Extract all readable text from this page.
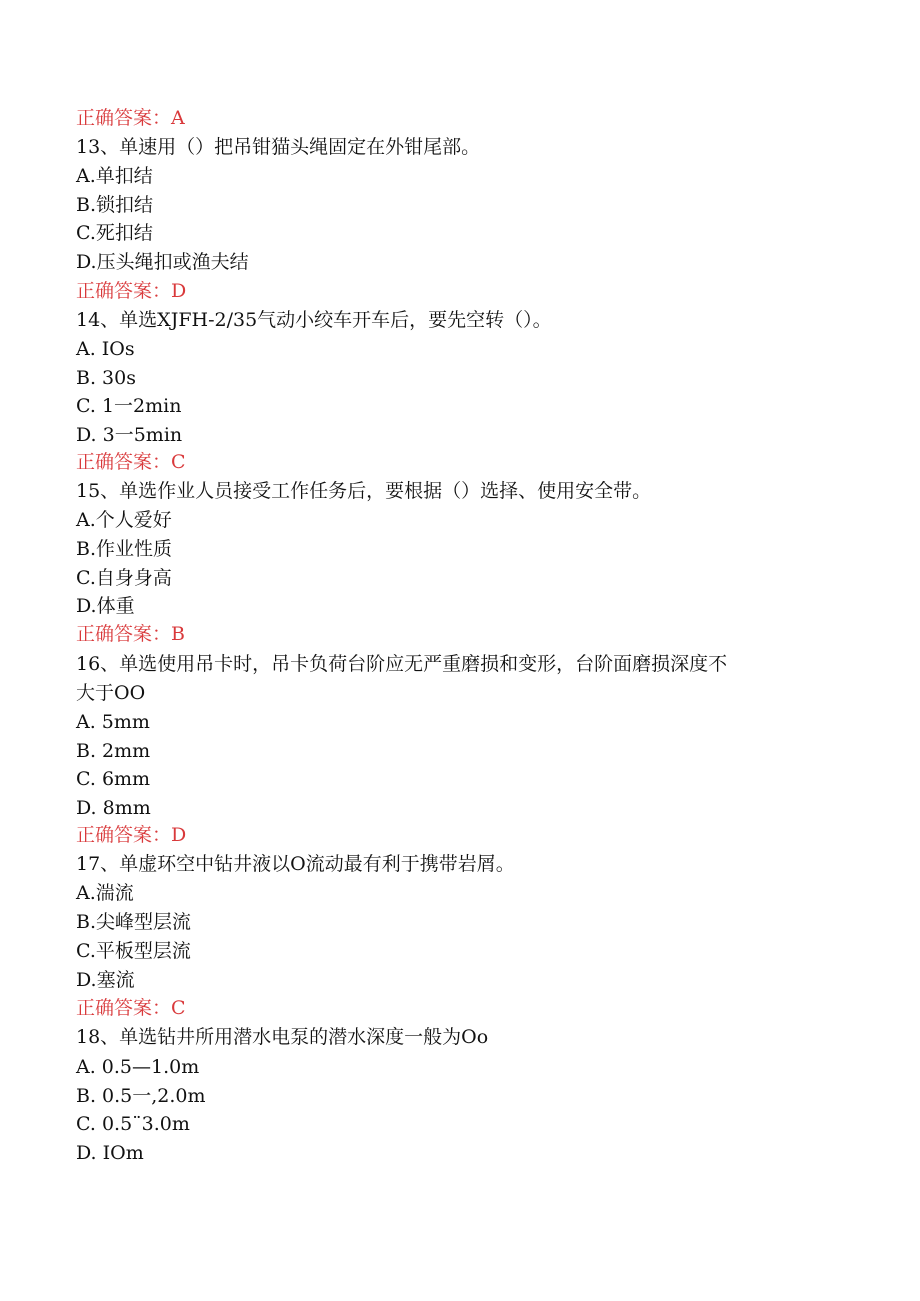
正确答案：A
13、单速用（）把吊钳猫头绳固定在外钳尾部。
A.单扣结
B.锁扣结
C.死扣结
D.压头绳扣或渔夫结
正确答案：D
14、单选XJFH-2/35气动小绞车开车后，要先空转（）。
A. IOs
B. 30s
C. 1一2min
D. 3一5min
正确答案：C
15、单选作业人员接受工作任务后，要根据（）选择、使用安全带。
A.个人爱好
B.作业性质
C.自身身高
D.体重
正确答案：B
16、单选使用吊卡时，吊卡负荷台阶应无严重磨损和变形，台阶面磨损深度不
大于OO
A. 5mm
B. 2mm
C. 6mm
D. 8mm
正确答案：D
17、单虚环空中钻井液以O流动最有利于携带岩屑。
A.湍流
B.尖峰型层流
C.平板型层流
D.塞流
正确答案：C
18、单选钻井所用潜水电泵的潜水深度一般为Oo
A. 0.5—1.0m
B. 0.5一,2.0m
C. 0.5¨3.0m
D. IOm
